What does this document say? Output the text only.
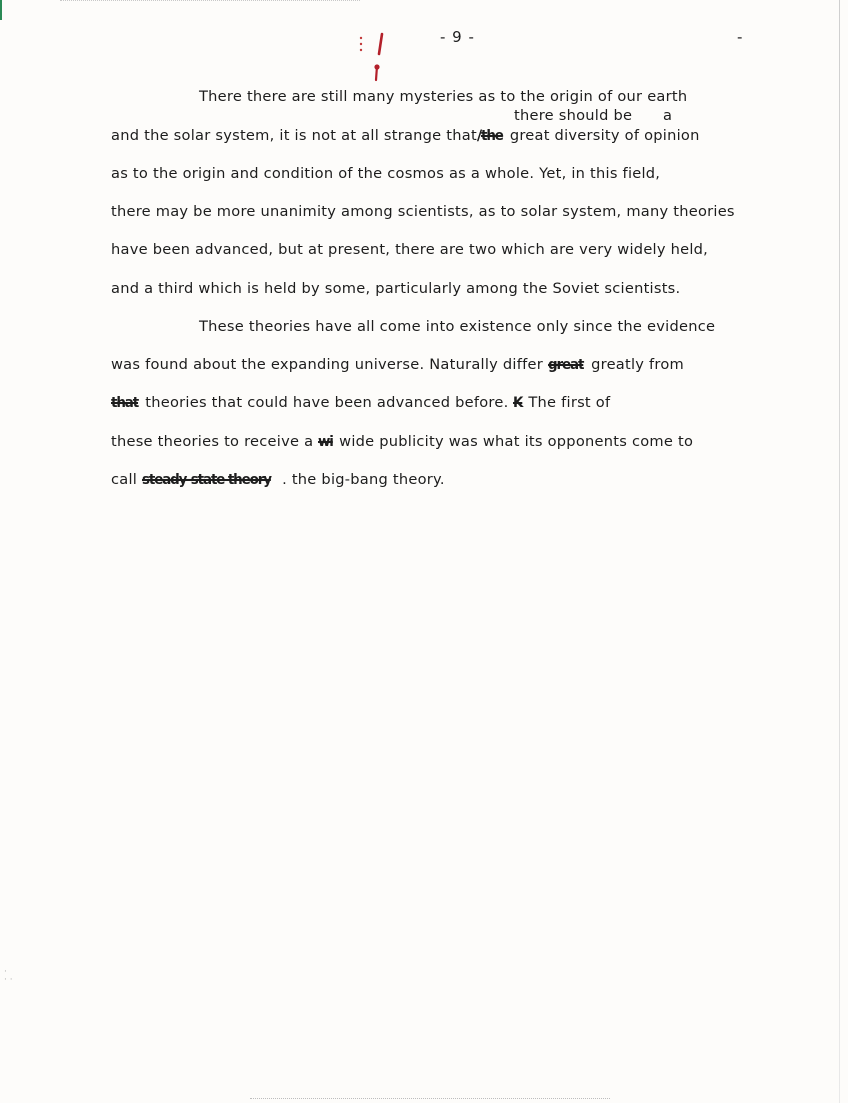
·
· ·
- 9 -	-
There there are still many mysteries as to the origin of our earth
there should be a
and the solar system, it is not at all strange that/the great diversity of opinion
as to the origin and condition of the cosmos as a whole. Yet, in this field,
there may be more unanimity among scientists, as to solar system, many theories
have been advanced, but at present, there are two which are very widely held,
and a third which is held by some, particularly among the Soviet scientists.
These theories have all come into existence only since the evidence
was found about the expanding universe. Naturally differ great greatly from
that theories that could have been advanced before. K The first of
these theories to receive a wi wide publicity was what its opponents come to
call steady-state theory . the big-bang theory.
